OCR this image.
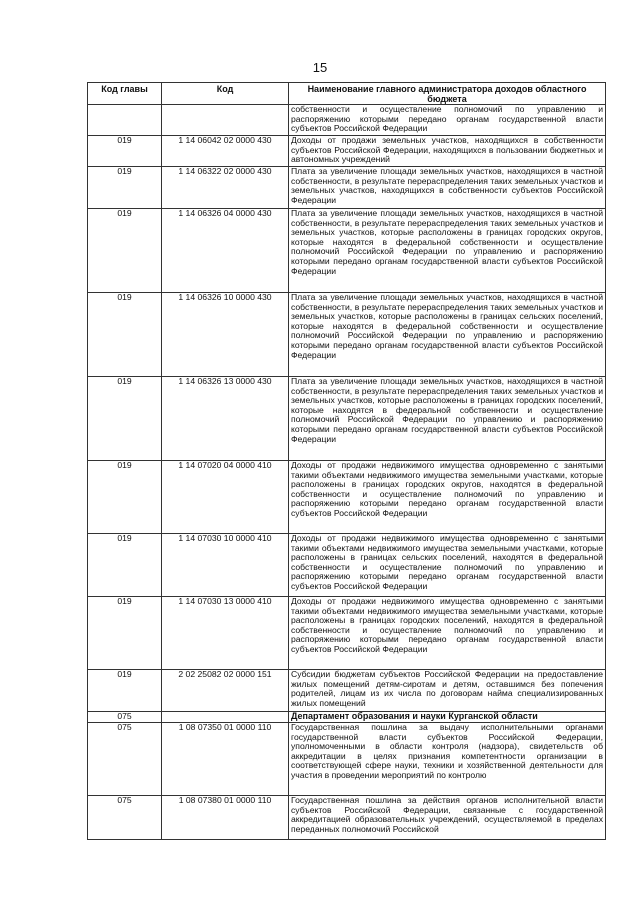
15
Код главы	Код	Наименование главного администратора доходов областного бюджета
		собственности и осуществление полномочий по управлению и распоряжению которыми передано органам государственной власти субъектов Российской Федерации
019	1 14 06042 02 0000 430	Доходы от продажи земельных участков, находящихся в собственности субъектов Российской Федерации, находящихся в пользовании бюджетных и автономных учреждений
019	1 14 06322 02 0000 430	Плата за увеличение площади земельных участков, находящихся в частной собственности, в результате перераспределения таких земельных участков и земельных участков, находящихся в собственности субъектов Российской Федерации
019	1 14 06326 04 0000 430	Плата за увеличение площади земельных участков, находящихся в частной собственности, в результате перераспределения таких земельных участков и земельных участков, которые расположены в границах городских округов, которые находятся в федеральной собственности и осуществление полномочий Российской Федерации по управлению и распоряжению которыми передано органам государственной власти субъектов Российской Федерации
019	1 14 06326 10 0000 430	Плата за увеличение площади земельных участков, находящихся в частной собственности, в результате перераспределения таких земельных участков и земельных участков, которые расположены в границах сельских поселений, которые находятся в федеральной собственности и осуществление полномочий Российской Федерации по управлению и распоряжению которыми передано органам государственной власти субъектов Российской Федерации
019	1 14 06326 13 0000 430	Плата за увеличение площади земельных участков, находящихся в частной собственности, в результате перераспределения таких земельных участков и земельных участков, которые расположены в границах городских поселений, которые находятся в федеральной собственности и осуществление полномочий Российской Федерации по управлению и распоряжению которыми передано органам государственной власти субъектов Российской Федерации
019	1 14 07020 04 0000 410	Доходы от продажи недвижимого имущества одновременно с занятыми такими объектами недвижимого имущества земельными участками, которые расположены в границах городских округов, находятся в федеральной собственности и осуществление полномочий по управлению и распоряжению которыми передано органам государственной власти субъектов Российской Федерации
019	1 14 07030 10 0000 410	Доходы от продажи недвижимого имущества одновременно с занятыми такими объектами недвижимого имущества земельными участками, которые расположены в границах сельских поселений, находятся в федеральной собственности и осуществление полномочий по управлению и распоряжению которыми передано органам государственной власти субъектов Российской Федерации
019	1 14 07030 13 0000 410	Доходы от продажи недвижимого имущества одновременно с занятыми такими объектами недвижимого имущества земельными участками, которые расположены в границах городских поселений, находятся в федеральной собственности и осуществление полномочий по управлению и распоряжению которыми передано органам государственной власти субъектов Российской Федерации
019	2 02 25082 02 0000 151	Субсидии бюджетам субъектов Российской Федерации на предоставление жилых помещений детям-сиротам и детям, оставшимся без попечения родителей, лицам из их числа по договорам найма специализированных жилых помещений
075		Департамент образования и науки Курганской области
075	1 08 07350 01 0000 110	Государственная пошлина за выдачу исполнительными органами государственной власти субъектов Российской Федерации, уполномоченными в области контроля (надзора), свидетельств об аккредитации в целях признания компетентности организации в соответствующей сфере науки, техники и хозяйственной деятельности для участия в проведении мероприятий по контролю
075	1 08 07380 01 0000 110	Государственная пошлина за действия органов исполнительной власти субъектов Российской Федерации, связанные с государственной аккредитацией образовательных учреждений, осуществляемой в пределах переданных полномочий Российской
